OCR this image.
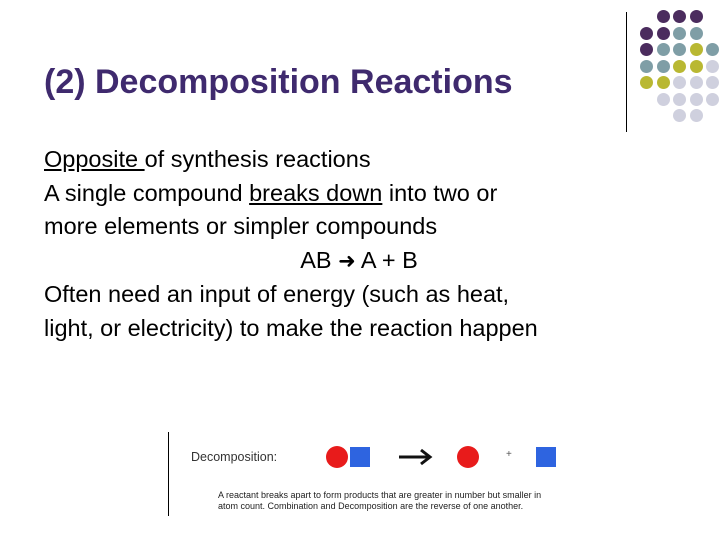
(2) Decomposition Reactions
Opposite of synthesis reactions
A single compound breaks down into two or
more elements or simpler compounds
AB ➜ A + B
Often need an input of energy (such as heat,
light, or electricity) to make the reaction happen
Decomposition:	+
A reactant breaks apart to form products that are greater in number but smaller in
atom count. Combination and Decomposition are the reverse of one another.
